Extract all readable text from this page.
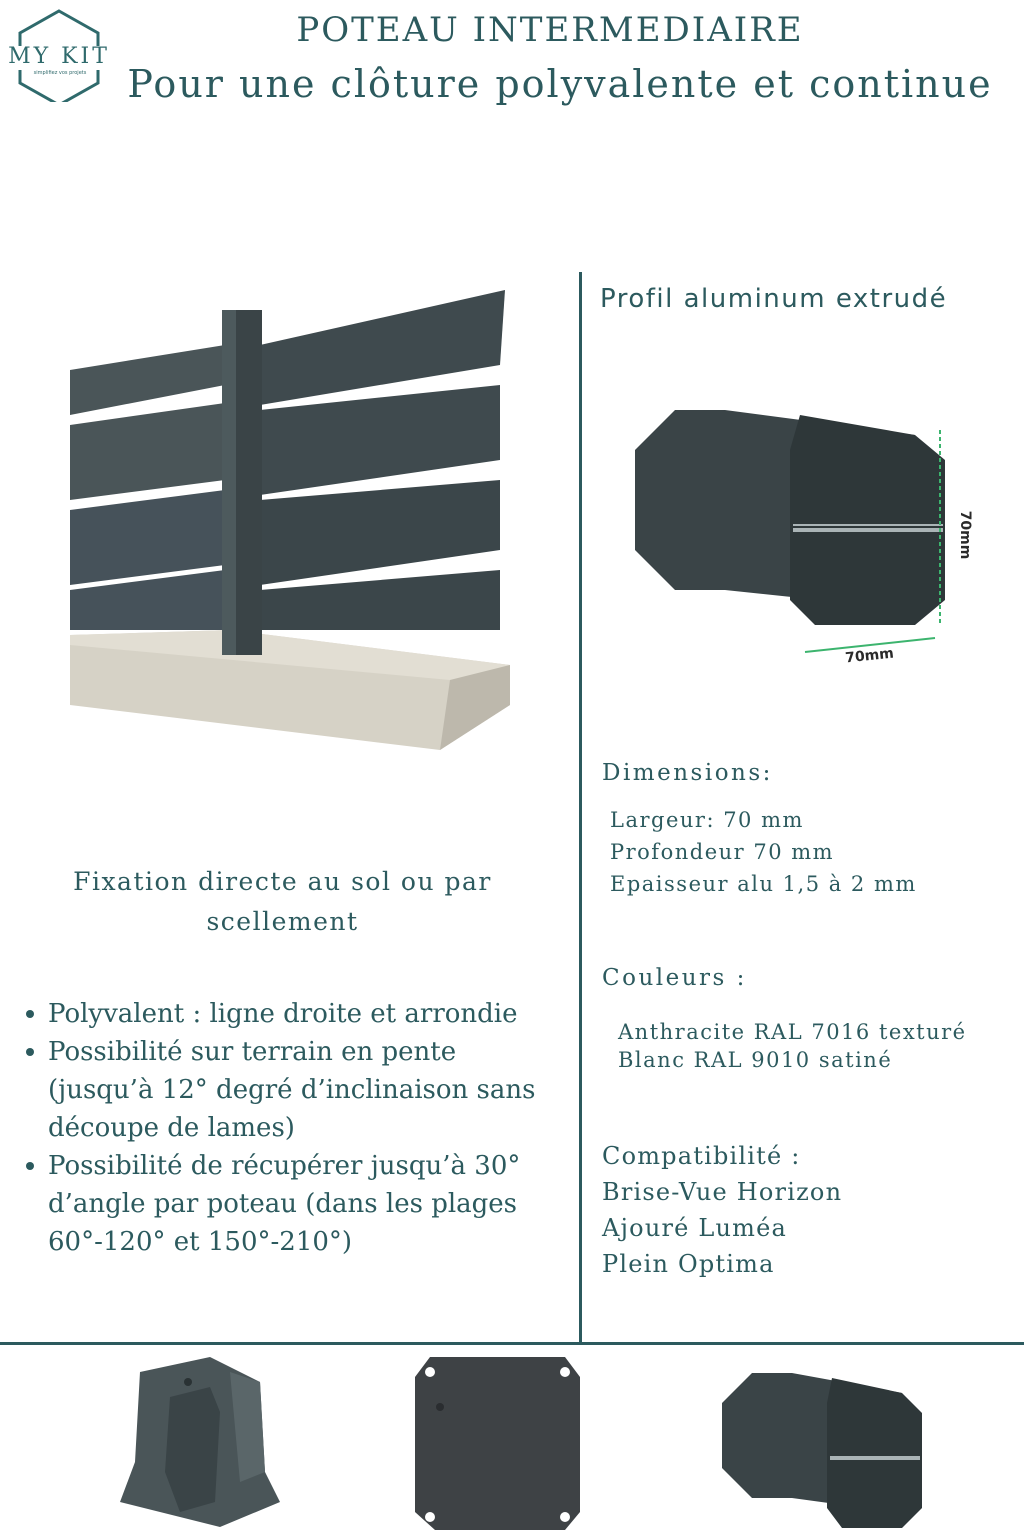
MY KIT
simplifiez vos projets
POTEAU INTERMEDIAIRE
Pour une clôture polyvalente et continue
Fixation directe au sol ou par scellement
Polyvalent : ligne droite et arrondie
Possibilité sur terrain en pente (jusqu’à 12° degré d’inclinaison sans découpe de lames)
Possibilité de récupérer jusqu’à 30° d’angle par poteau (dans les plages 60°-120° et 150°-210°)
Profil aluminum extrudé
70mm
70mm
Dimensions:
Largeur: 70 mm
Profondeur 70 mm
Epaisseur alu 1,5 à 2 mm
Couleurs :
Anthracite RAL 7016 texturé
Blanc RAL 9010 satiné
Compatibilité :
Brise-Vue Horizon
Ajouré Luméa
Plein Optima
